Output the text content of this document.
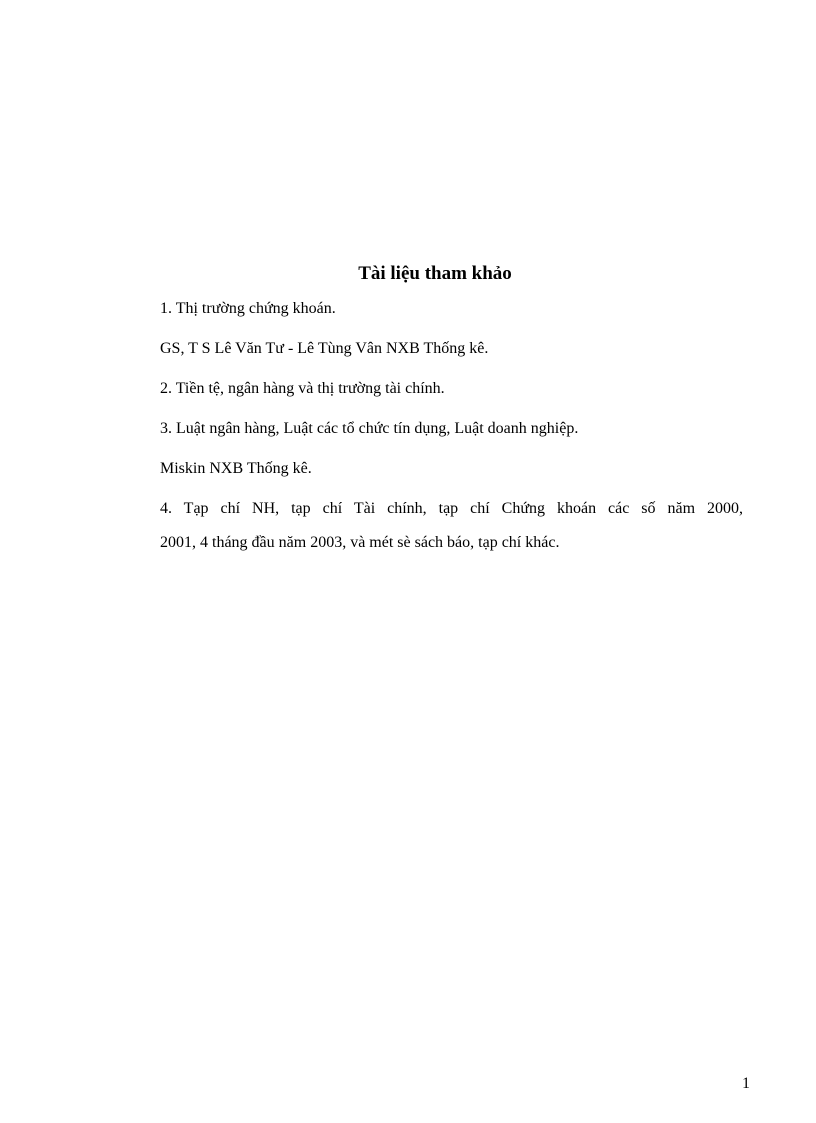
Tài liệu tham khảo

1. Thị trường chứng khoán.

GS, T S Lê Văn Tư - Lê Tùng Vân NXB Thống kê.

2. Tiền tệ, ngân hàng và thị trường tài chính.

3. Luật ngân hàng, Luật các tổ chức tín dụng, Luật doanh nghiệp.

Miskin NXB Thống kê.

4. Tạp chí NH, tạp chí Tài chính, tạp chí Chứng khoán các số năm 2000,

2001, 4 tháng đầu năm 2003, và mét sè sách báo, tạp chí khác.

1
